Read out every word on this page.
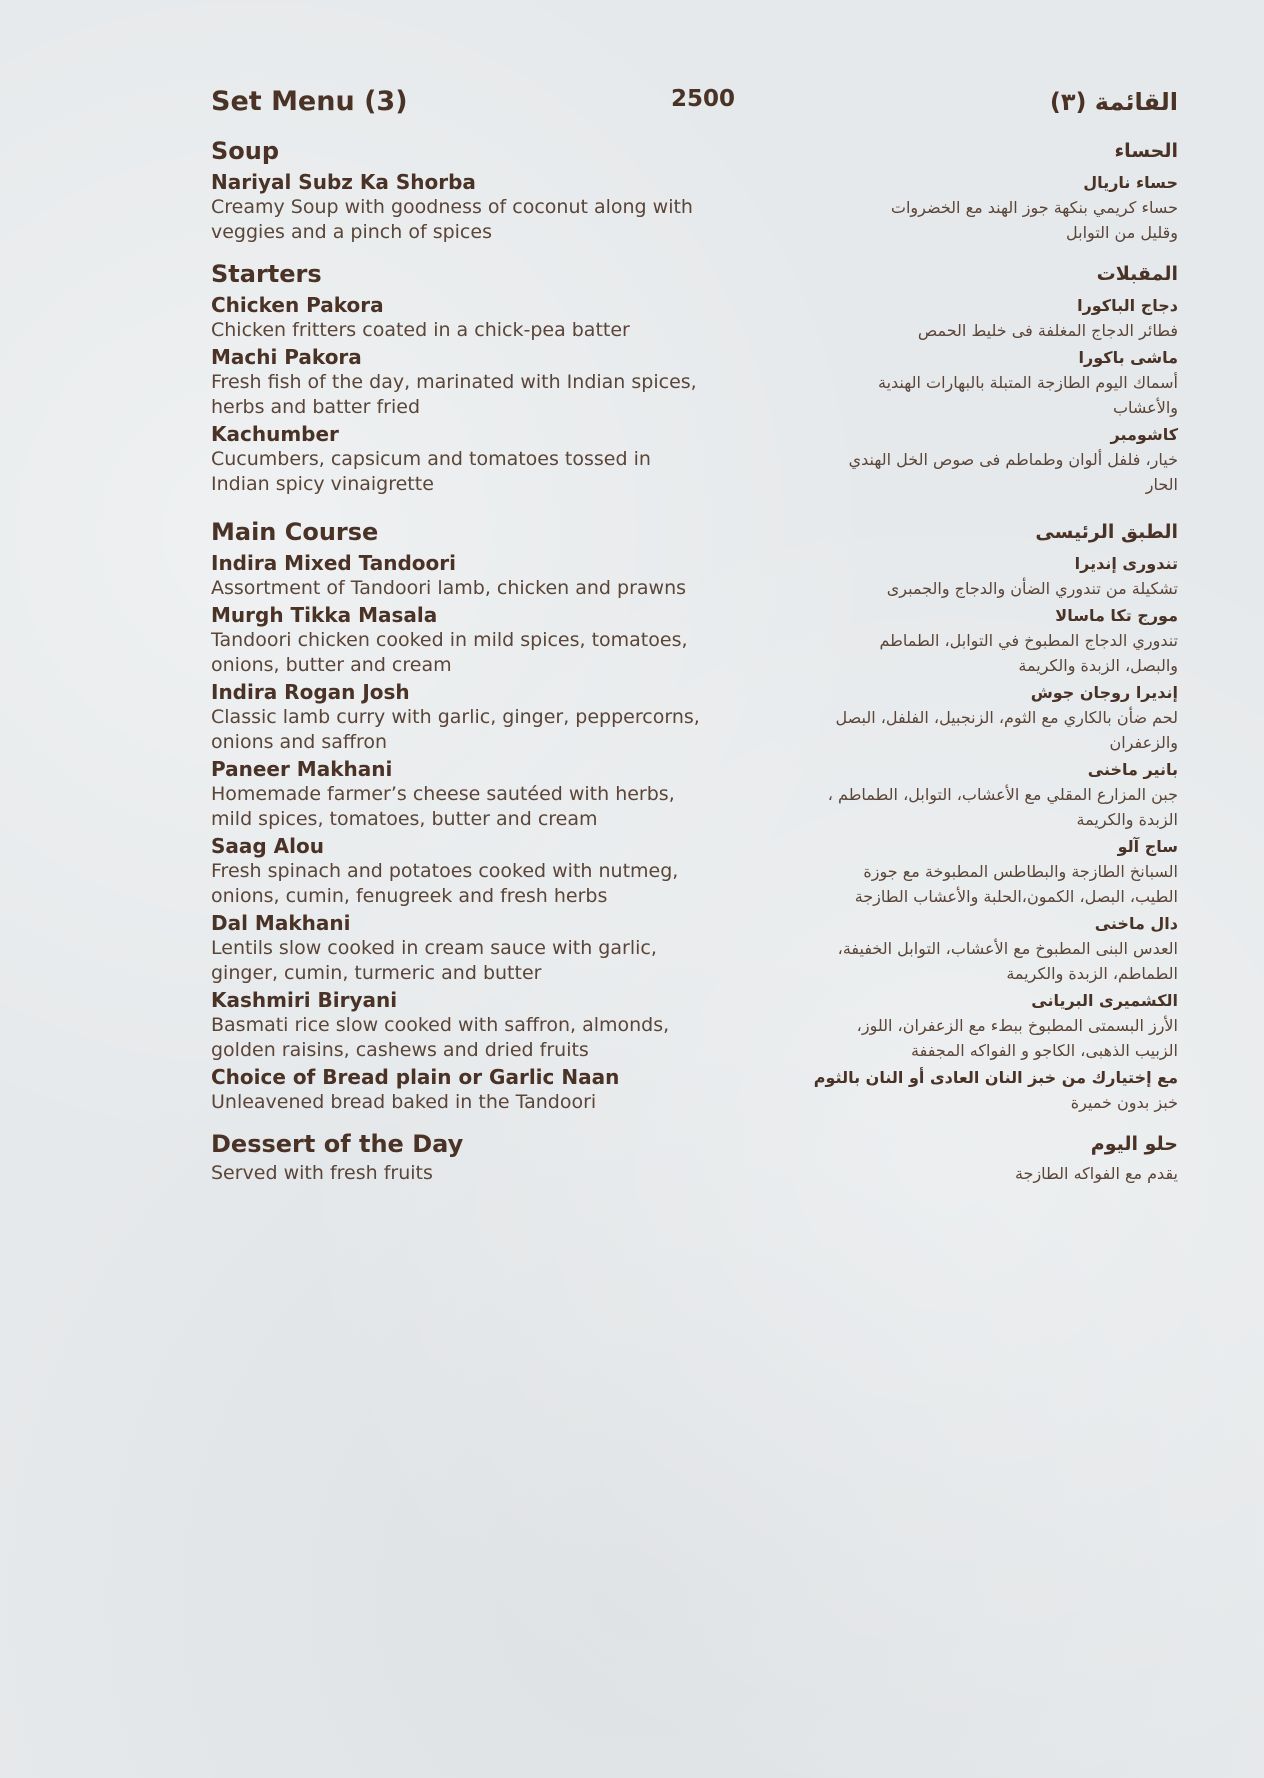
Set Menu (3)	2500
Soup
Nariyal Subz Ka Shorba
Creamy Soup with goodness of coconut along with
veggies and a pinch of spices
Starters
Chicken Pakora
Chicken fritters coated in a chick-pea batter
Machi Pakora
Fresh fish of the day, marinated with Indian spices,
herbs and batter fried
Kachumber
Cucumbers, capsicum and tomatoes tossed in
Indian spicy vinaigrette
Main Course
Indira Mixed Tandoori
Assortment of Tandoori lamb, chicken and prawns
Murgh Tikka Masala
Tandoori chicken cooked in mild spices, tomatoes,
onions, butter and cream
Indira Rogan Josh
Classic lamb curry with garlic, ginger, peppercorns,
onions and saffron
Paneer Makhani
Homemade farmer’s cheese sautéed with herbs,
mild spices, tomatoes, butter and cream
Saag Alou
Fresh spinach and potatoes cooked with nutmeg,
onions, cumin, fenugreek and fresh herbs
Dal Makhani
Lentils slow cooked in cream sauce with garlic,
ginger, cumin, turmeric and butter
Kashmiri Biryani
Basmati rice slow cooked with saffron, almonds,
golden raisins, cashews and dried fruits
Choice of Bread plain or Garlic Naan
Unleavened bread baked in the Tandoori
Dessert of the Day
Served with fresh fruits
القائمة (٣)
الحساء
حساء ناريال
حساء كريمي بنكهة جوز الهند مع الخضروات
وقليل من التوابل
المقبلات
دجاج الباكورا
فطائر الدجاج المغلفة فى خليط الحمص
ماشى باكورا
أسماك اليوم الطازجة المتبلة بالبهارات الهندية
والأعشاب
كاشومبر
خيار، فلفل ألوان وطماطم فى صوص الخل الهندي
الحار
الطبق الرئيسى
تندورى إنديرا
تشكيلة من تندوري الضأن والدجاج والجمبرى
مورج تكا ماسالا
تندوري الدجاج المطبوخ في التوابل، الطماطم
والبصل، الزبدة والكريمة
إنديرا روجان جوش
لحم ضأن بالكاري مع الثوم، الزنجبيل، الفلفل، البصل
والزعفران
بانير ماخنى
جبن المزارع المقلي مع الأعشاب، التوابل، الطماطم ،
الزبدة والكريمة
ساج آلو
السبانخ الطازجة والبطاطس المطبوخة مع جوزة
الطيب، البصل، الكمون،الحلبة والأعشاب الطازجة
دال ماخنى
العدس البنى المطبوخ مع الأعشاب، التوابل الخفيفة،
الطماطم، الزبدة والكريمة
الكشميرى البريانى
الأرز البسمتى المطبوخ ببطء مع الزعفران، اللوز،
الزبيب الذهبى، الكاجو و الفواكه المجففة
مع إختيارك من خبز النان العادى أو النان بالثوم
خبز بدون خميرة
حلو اليوم
يقدم مع الفواكه الطازجة
